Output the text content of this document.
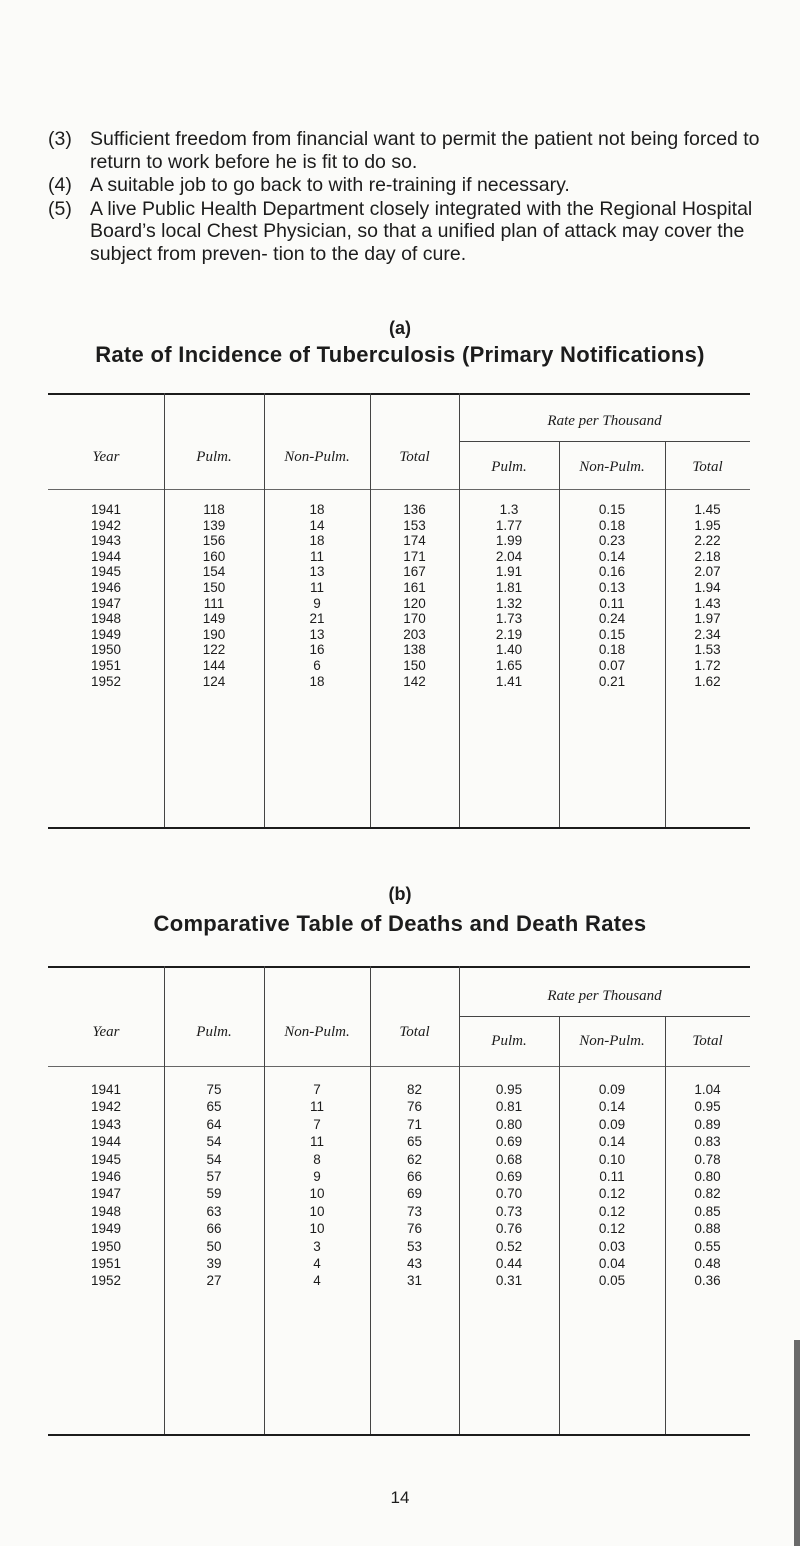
(3) Sufficient freedom from financial want to permit the patient not being forced to return to work before he is fit to do so.
(4) A suitable job to go back to with re-training if necessary.
(5) A live Public Health Department closely integrated with the Regional Hospital Board’s local Chest Physician, so that a unified plan of attack may cover the subject from preven- tion to the day of cure.
(a)
Rate of Incidence of Tuberculosis (Primary Notifications)
Year	Pulm.	Non-Pulm.	Total
Rate per Thousand
Pulm.	Non-Pulm.	Total
1941	118	18	136	1.3	0.15	1.45
1942	139	14	153	1.77	0.18	1.95
1943	156	18	174	1.99	0.23	2.22
1944	160	11	171	2.04	0.14	2.18
1945	154	13	167	1.91	0.16	2.07
1946	150	11	161	1.81	0.13	1.94
1947	111	9	120	1.32	0.11	1.43
1948	149	21	170	1.73	0.24	1.97
1949	190	13	203	2.19	0.15	2.34
1950	122	16	138	1.40	0.18	1.53
1951	144	6	150	1.65	0.07	1.72
1952	124	18	142	1.41	0.21	1.62
(b)
Comparative Table of Deaths and Death Rates
Year	Pulm.	Non-Pulm.	Total
Rate per Thousand
Pulm.	Non-Pulm.	Total
1941	75	7	82	0.95	0.09	1.04
1942	65	11	76	0.81	0.14	0.95
1943	64	7	71	0.80	0.09	0.89
1944	54	11	65	0.69	0.14	0.83
1945	54	8	62	0.68	0.10	0.78
1946	57	9	66	0.69	0.11	0.80
1947	59	10	69	0.70	0.12	0.82
1948	63	10	73	0.73	0.12	0.85
1949	66	10	76	0.76	0.12	0.88
1950	50	3	53	0.52	0.03	0.55
1951	39	4	43	0.44	0.04	0.48
1952	27	4	31	0.31	0.05	0.36
14
